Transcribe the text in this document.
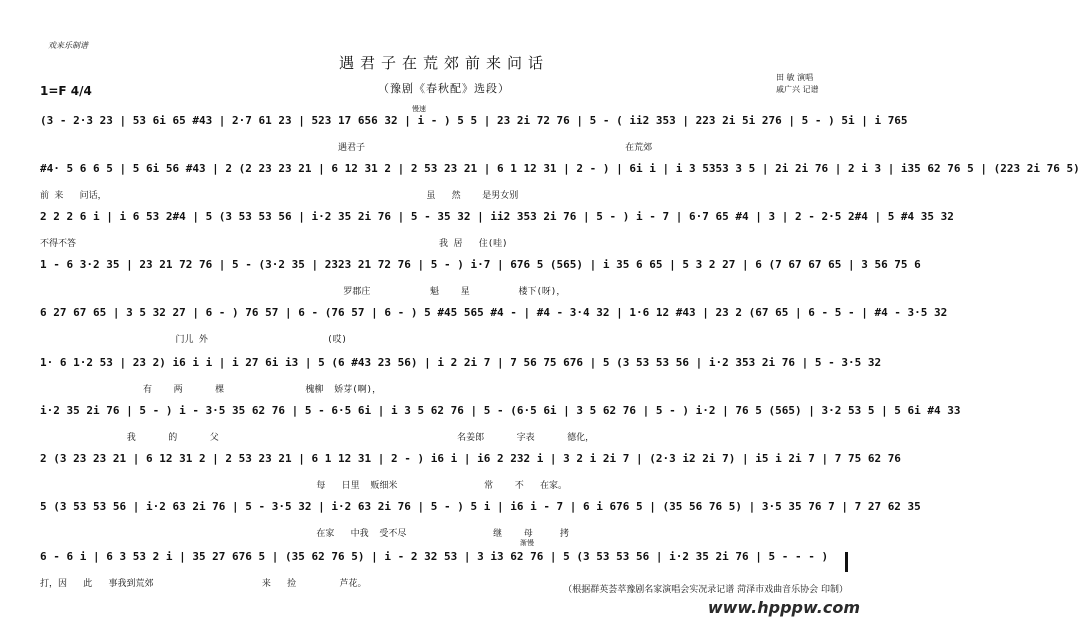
戏来乐制谱
遇君子在荒郊前来问话
（豫剧《春秋配》选段）
1=F 4/4
田 敏 演唱
戚广兴 记谱
慢速
渐慢
(3 - 2·3 23 | 53 6i 65 #43 | 2·7 61 23 | 523 17 656 32 | i - ) 5 5 | 23 2i 72 76 | 5 - ( ii2 353 | 223 2i 5i 276 | 5 - ) 5i | i 765
遇君子                                                在荒郊
#4· 5 6 6 5 | 5 6i 56 #43 | 2 (2 23 23 21 | 6 12 31 2 | 2 53 23 21 | 6 1 12 31 | 2 - ) | 6i i | i 3 5353 3 5 | 2i 2i 76 | 2 i 3 | i35 62 76 5 | (223 2i 76 5)
前 来   问话，                                                           虽   然    是男女别
2 2 2 6 i | i 6 53 2#4 | 5 (3 53 53 56 | i·2 35 2i 76 | 5 - 35 32 | ii2 353 2i 76 | 5 - ) i - 7 | 6·7 65 #4 | 3 | 2 - 2·5 2#4 | 5 #4 35 32
不得不答                                                                   我 居   住(哇)
1 - 6 3·2 35 | 23 21 72 76 | 5 - (3·2 35 | 2323 21 72 76 | 5 - ) i·7 | 676 5 (565) | i 35 6 65 | 5 3 2 27 | 6 (7 67 67 65 | 3 56 75 6
罗郡庄           魁    星         楼下(呀)，
6 27 67 65 | 3 5 32 27 | 6 - ) 76 57 | 6 - (76 57 | 6 - ) 5 #45 565 #4 - | #4 - 3·4 32 | 1·6 12 #43 | 23 2 (67 65 | 6 - 5 - | #4 - 3·5 32
门儿 外                      (哎)
1· 6 1·2 53 | 23 2) i6 i i | i 27 6i i3 | 5 (6 #43 23 56) | i 2 2i 7 | 7 56 75 676 | 5 (3 53 53 56 | i·2 353 2i 76 | 5 - 3·5 32
有    两      棵               槐柳  娇芽(啊)，
i·2 35 2i 76 | 5 - ) i - 3·5 35 62 76 | 5 - 6·5 6i | i 3 5 62 76 | 5 - (6·5 6i | 3 5 62 76 | 5 - ) i·2 | 76 5 (565) | 3·2 53 5 | 5 6i #4 33
我      的      父                                            名姜郎      字表      德化，
2 (3 23 23 21 | 6 12 31 2 | 2 53 23 21 | 6 1 12 31 | 2 - ) i6 i | i6 2 232 i | 3 2 i 2i 7 | (2·3 i2 2i 7) | i5 i 2i 7 | 7 75 62 76
每   日里  贩细米                常    不   在家。
5 (3 53 53 56 | i·2 63 2i 76 | 5 - 3·5 32 | i·2 63 2i 76 | 5 - ) 5 i | i6 i - 7 | 6 i 676 5 | (35 56 76 5) | 3·5 35 76 7 | 7 27 62 35
在家   中我  受不尽                继    母     拷
6 - 6 i | 6 3 53 2 i | 35 27 676 5 | (35 62 76 5) | i - 2 32 53 | 3 i3 62 76 | 5 (3 53 53 56 | i·2 35 2i 76 | 5 - - - )
打，因   此   事我到荒郊                    来   捡        芦花。
（根据群英荟萃豫剧名家演唱会实况录记谱 菏泽市戏曲音乐协会 印制）
www.hpppw.com
